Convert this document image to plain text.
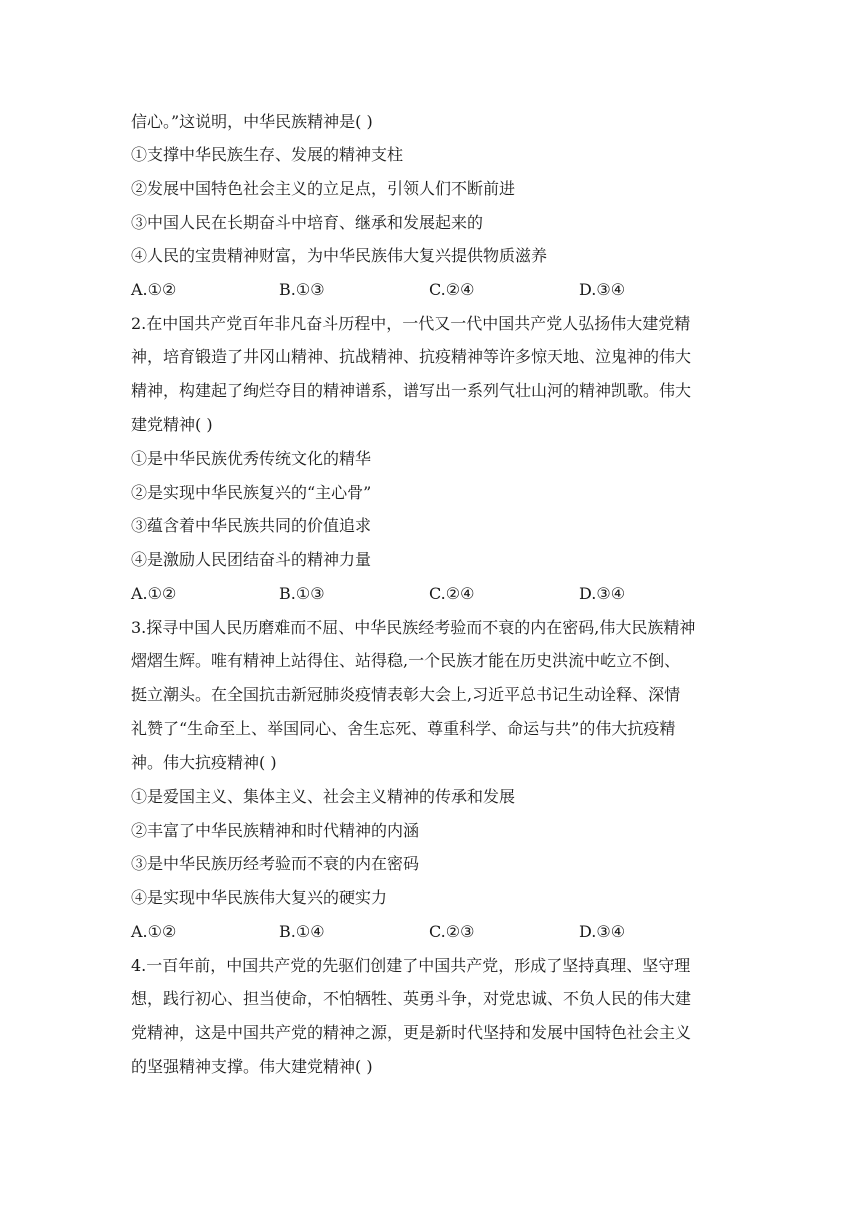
信心。”这说明，中华民族精神是( )
①支撑中华民族生存、发展的精神支柱
②发展中国特色社会主义的立足点，引领人们不断前进
③中国人民在长期奋斗中培育、继承和发展起来的
④人民的宝贵精神财富，为中华民族伟大复兴提供物质滋养
A.①②	B.①③	C.②④	D.③④
2.在中国共产党百年非凡奋斗历程中，一代又一代中国共产党人弘扬伟大建党精
神，培育锻造了井冈山精神、抗战精神、抗疫精神等许多惊天地、泣鬼神的伟大
精神，构建起了绚烂夺目的精神谱系，谱写出一系列气壮山河的精神凯歌。伟大
建党精神( )
①是中华民族优秀传统文化的精华
②是实现中华民族复兴的“主心骨”
③蕴含着中华民族共同的价值追求
④是激励人民团结奋斗的精神力量
A.①②	B.①③	C.②④	D.③④
3.探寻中国人民历磨难而不屈、中华民族经考验而不衰的内在密码,伟大民族精神
熠熠生辉。唯有精神上站得住、站得稳,一个民族才能在历史洪流中屹立不倒、
挺立潮头。在全国抗击新冠肺炎疫情表彰大会上,习近平总书记生动诠释、深情
礼赞了“生命至上、举国同心、舍生忘死、尊重科学、命运与共”的伟大抗疫精
神。伟大抗疫精神( )
①是爱国主义、集体主义、社会主义精神的传承和发展
②丰富了中华民族精神和时代精神的内涵
③是中华民族历经考验而不衰的内在密码
④是实现中华民族伟大复兴的硬实力
A.①②	B.①④	C.②③	D.③④
4.一百年前，中国共产党的先驱们创建了中国共产党，形成了坚持真理、坚守理
想，践行初心、担当使命，不怕牺牲、英勇斗争，对党忠诚、不负人民的伟大建
党精神，这是中国共产党的精神之源，更是新时代坚持和发展中国特色社会主义
的坚强精神支撑。伟大建党精神( )
